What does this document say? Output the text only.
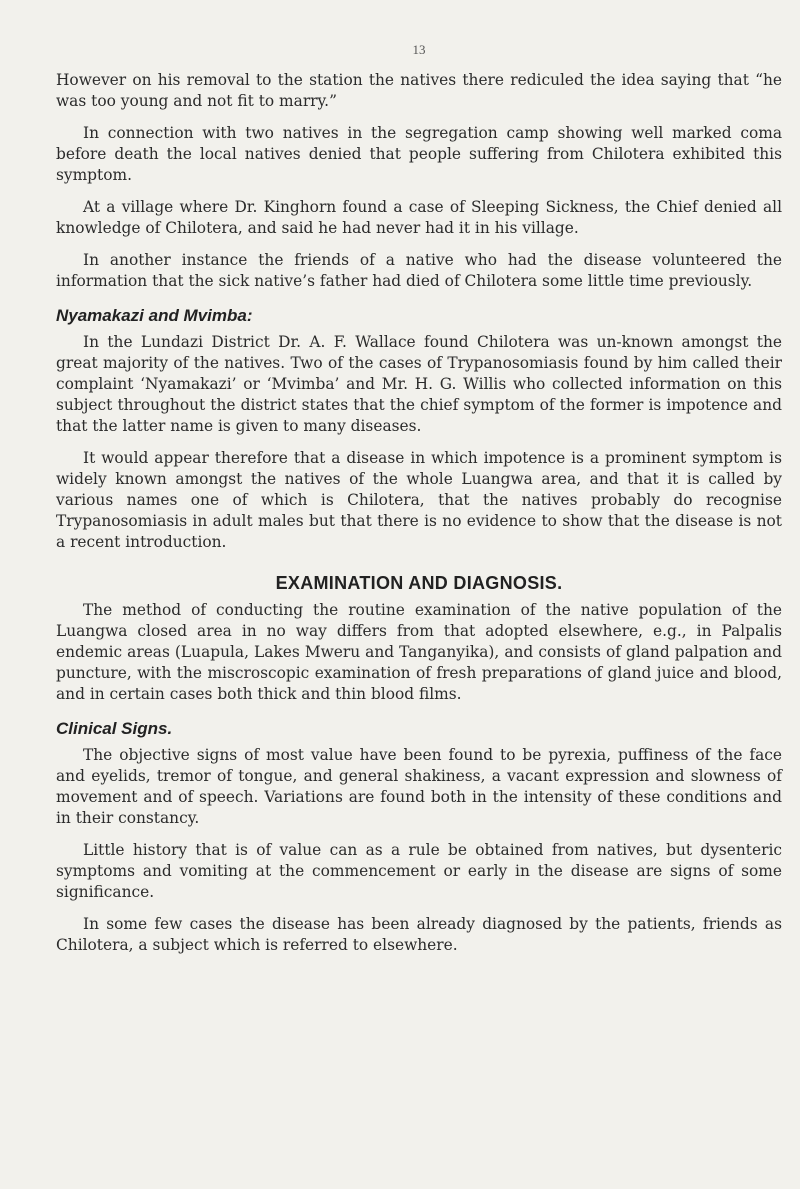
13

However on his removal to the station the natives there rediculed the idea saying that “he was too young and not fit to marry.”

In connection with two natives in the segregation camp showing well marked coma before death the local natives denied that people suffering from Chilotera exhibited this symptom.

At a village where Dr. Kinghorn found a case of Sleeping Sickness, the Chief denied all knowledge of Chilotera, and said he had never had it in his village.

In another instance the friends of a native who had the disease volunteered the information that the sick native’s father had died of Chilotera some little time previously.

Nyamakazi and Mvimba:

In the Lundazi District Dr. A. F. Wallace found Chilotera was un-known amongst the great majority of the natives. Two of the cases of Trypanosomiasis found by him called their complaint ‘Nyamakazi’ or ‘Mvimba’ and Mr. H. G. Willis who collected information on this subject throughout the district states that the chief symptom of the former is impotence and that the latter name is given to many diseases.

It would appear therefore that a disease in which impotence is a prominent symptom is widely known amongst the natives of the whole Luangwa area, and that it is called by various names one of which is Chilotera, that the natives probably do recognise Trypanosomiasis in adult males but that there is no evidence to show that the disease is not a recent introduction.

EXAMINATION AND DIAGNOSIS.

The method of conducting the routine examination of the native population of the Luangwa closed area in no way differs from that adopted elsewhere, e.g., in Palpalis endemic areas (Luapula, Lakes Mweru and Tanganyika), and consists of gland palpation and puncture, with the miscroscopic examination of fresh preparations of gland juice and blood, and in certain cases both thick and thin blood films.

Clinical Signs.

The objective signs of most value have been found to be pyrexia, puffiness of the face and eyelids, tremor of tongue, and general shakiness, a vacant expression and slowness of movement and of speech. Variations are found both in the intensity of these conditions and in their constancy.

Little history that is of value can as a rule be obtained from natives, but dysenteric symptoms and vomiting at the commencement or early in the disease are signs of some significance.

In some few cases the disease has been already diagnosed by the patients, friends as Chilotera, a subject which is referred to elsewhere.
